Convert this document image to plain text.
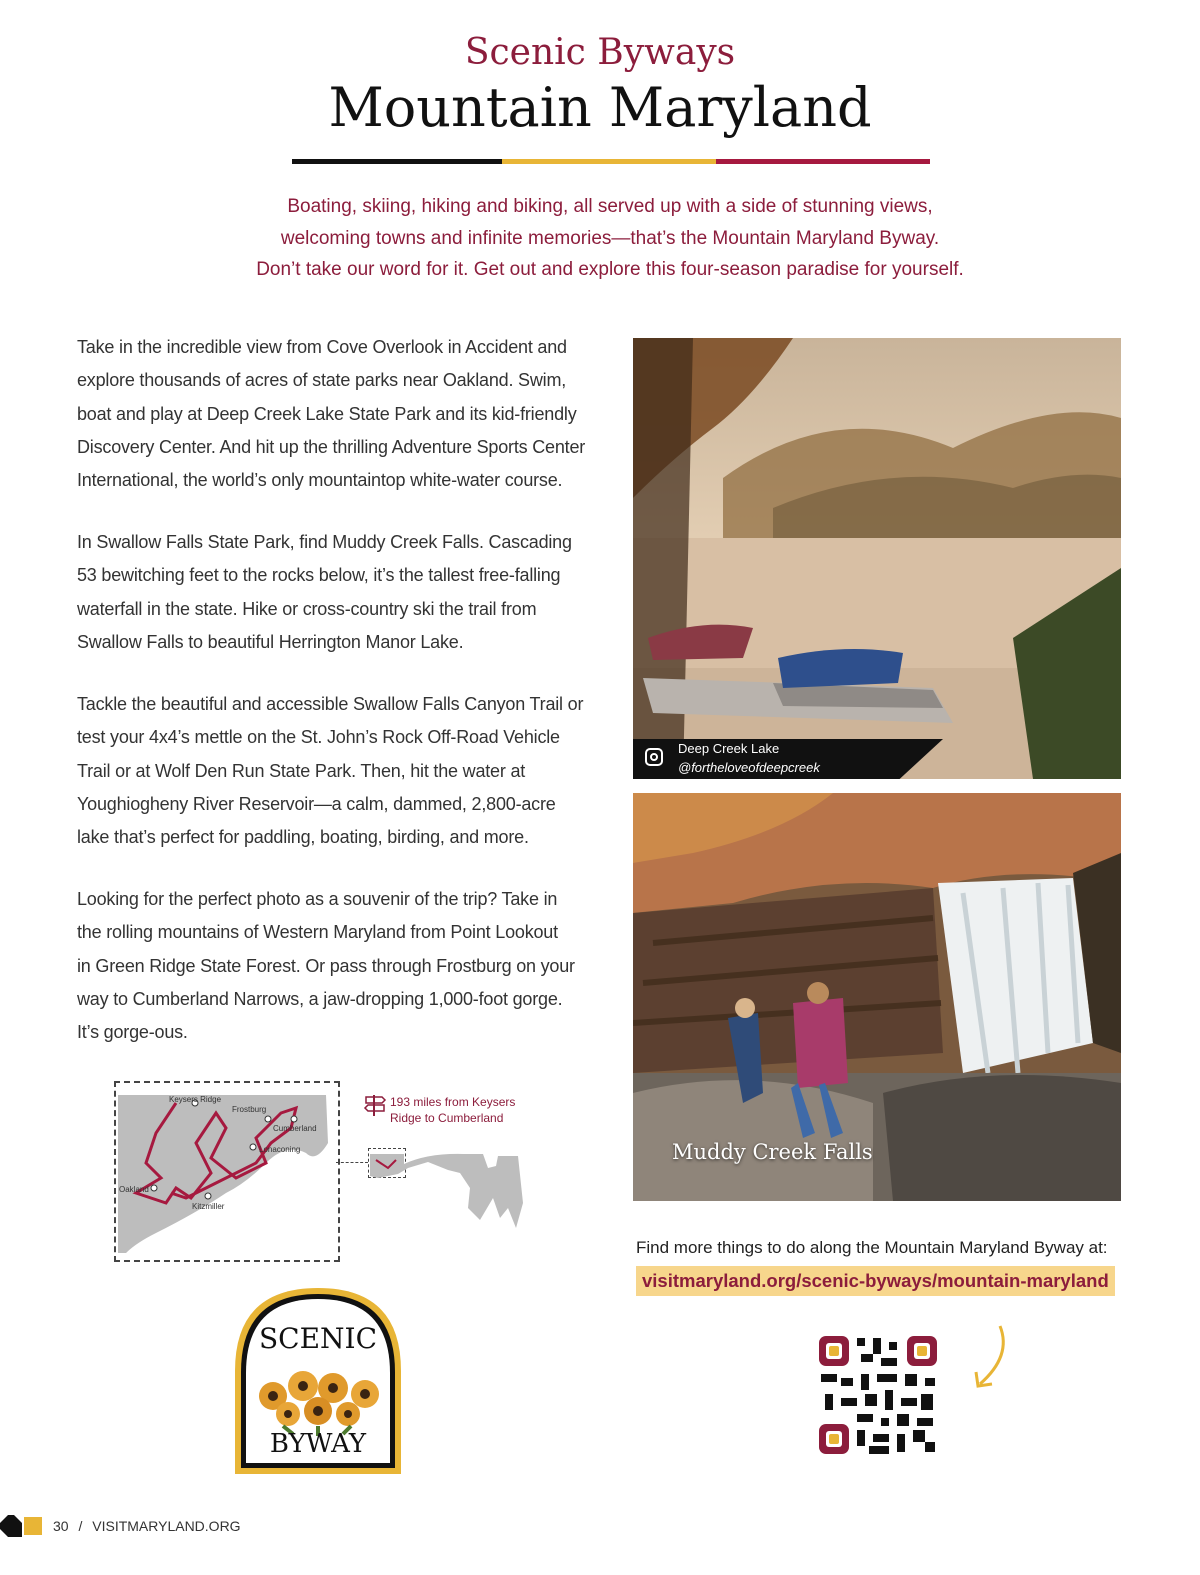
Scenic Byways
Mountain Maryland

Boating, skiing, hiking and biking, all served up with a side of stunning views,

welcoming towns and infinite memories—that’s the Mountain Maryland Byway.

Don’t take our word for it. Get out and explore this four-season paradise for yourself.

Take in the incredible view from Cove Overlook in Accident and

explore thousands of acres of state parks near Oakland. Swim,

boat and play at Deep Creek Lake State Park and its kid-friendly

Discovery Center. And hit up the thrilling Adventure Sports Center

International, the world’s only mountaintop white-water course.

In Swallow Falls State Park, find Muddy Creek Falls. Cascading

53 bewitching feet to the rocks below, it’s the tallest free-falling

waterfall in the state. Hike or cross-country ski the trail from

Swallow Falls to beautiful Herrington Manor Lake.

Tackle the beautiful and accessible Swallow Falls Canyon Trail or

test your 4x4’s mettle on the St. John’s Rock Off-Road Vehicle

Trail or at Wolf Den Run State Park. Then, hit the water at

Youghiogheny River Reservoir—a calm, dammed, 2,800-acre

lake that’s perfect for paddling, boating, birding, and more.

Looking for the perfect photo as a souvenir of the trip? Take in

the rolling mountains of Western Maryland from Point Lookout

in Green Ridge State Forest. Or pass through Frostburg on your

way to Cumberland Narrows, a jaw-dropping 1,000-foot gorge.

It’s gorge-ous.

Deep Creek Lake
@fortheloveofdeepcreek
Muddy Creek Falls
Keysers Ridge
Frostburg
Cumberland
Lonaconing
Oakland
Kitzmiller
193 miles from Keysers Ridge to Cumberland
Find more things to do along the Mountain Maryland Byway at:
visitmaryland.org/scenic-byways/mountain-maryland
SCENIC
BYWAY
30 / VISITMARYLAND.ORG
